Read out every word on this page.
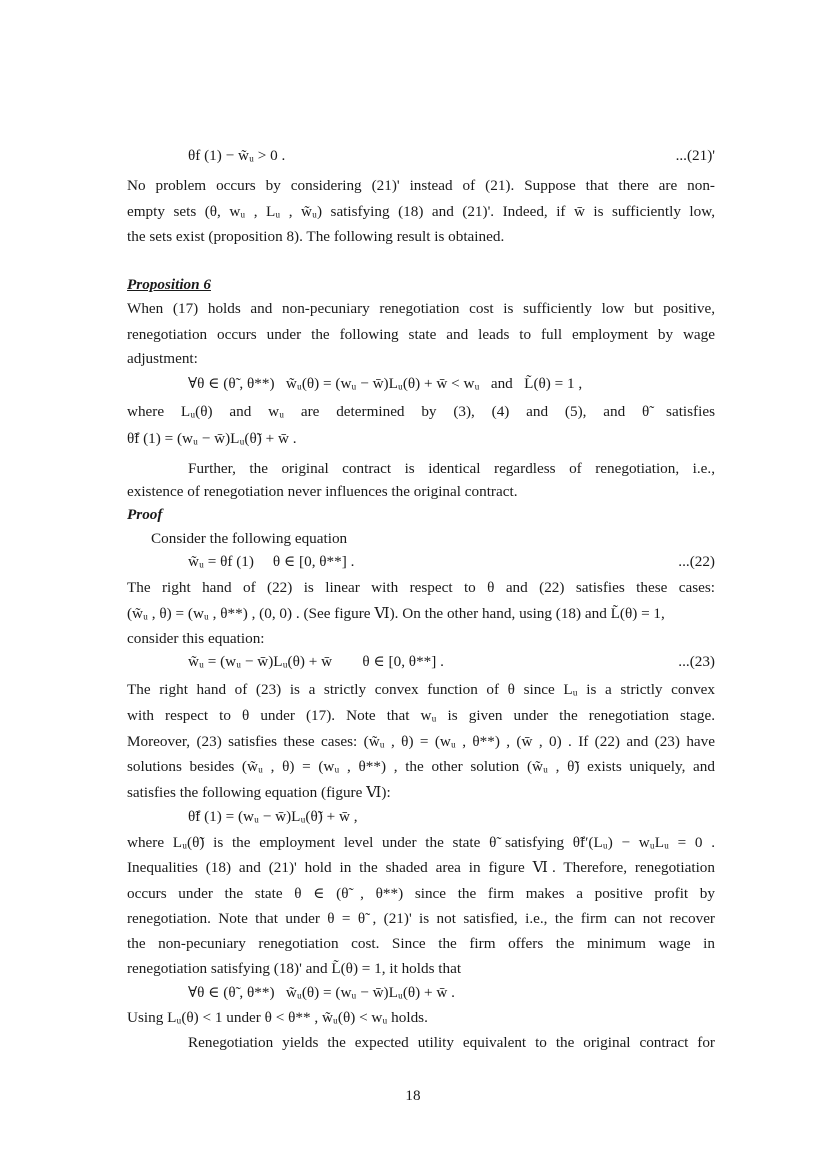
θf (1) − w̃ᵤ > 0 .	...(21)'
No problem occurs by considering (21)' instead of (21). Suppose that there are non-
empty sets (θ, wᵤ , Lᵤ , w̃ᵤ) satisfying (18) and (21)'. Indeed, if w̄ is sufficiently low,
the sets exist (proposition 8). The following result is obtained.
Proposition 6
When (17) holds and non-pecuniary renegotiation cost is sufficiently low but positive,
renegotiation occurs under the following state and leads to full employment by wage
adjustment:
∀θ ∈ (θ̃ , θ**)   w̃ᵤ(θ) = (wᵤ − w̄)Lᵤ(θ) + w̄ < wᵤ   and   L̃(θ) = 1 ,
where Lᵤ(θ) and wᵤ are determined by (3), (4) and (5), and θ̃ satisfies
θ̃f (1) = (wᵤ − w̄)Lᵤ(θ̃) + w̄ .
Further, the original contract is identical regardless of renegotiation, i.e.,
existence of renegotiation never influences the original contract.
Proof
Consider the following equation
w̃ᵤ = θf (1)     θ ∈ [0, θ**] .	...(22)
The right hand of (22) is linear with respect to θ and (22) satisfies these cases:
(w̃ᵤ , θ) = (wᵤ , θ**) , (0, 0) . (See figure Ⅵ). On the other hand, using (18) and L̃(θ) = 1,
consider this equation:
w̃ᵤ = (wᵤ − w̄)Lᵤ(θ) + w̄        θ ∈ [0, θ**] .	...(23)
The right hand of (23) is a strictly convex function of θ since Lᵤ is a strictly convex
with respect to θ under (17). Note that wᵤ is given under the renegotiation stage.
Moreover, (23) satisfies these cases: (w̃ᵤ , θ) = (wᵤ , θ**) , (w̄ , 0) . If (22) and (23) have
solutions besides (w̃ᵤ , θ) = (wᵤ , θ**) , the other solution (w̃ᵤ , θ̃) exists uniquely, and
satisfies the following equation (figure Ⅵ):
θ̃f (1) = (wᵤ − w̄)Lᵤ(θ̃) + w̄ ,
where Lᵤ(θ̃) is the employment level under the state θ̃ satisfying θ̃f′(Lᵤ) − wᵤLᵤ = 0 .
Inequalities (18) and (21)' hold in the shaded area in figure Ⅵ. Therefore, renegotiation
occurs under the state θ ∈ (θ̃ , θ**) since the firm makes a positive profit by
renegotiation. Note that under θ = θ̃ , (21)' is not satisfied, i.e., the firm can not recover
the non-pecuniary renegotiation cost. Since the firm offers the minimum wage in
renegotiation satisfying (18)' and L̃(θ) = 1, it holds that
∀θ ∈ (θ̃ , θ**)   w̃ᵤ(θ) = (wᵤ − w̄)Lᵤ(θ) + w̄ .
Using Lᵤ(θ) < 1 under θ < θ** , w̃ᵤ(θ) < wᵤ holds.
Renegotiation yields the expected utility equivalent to the original contract for
18
